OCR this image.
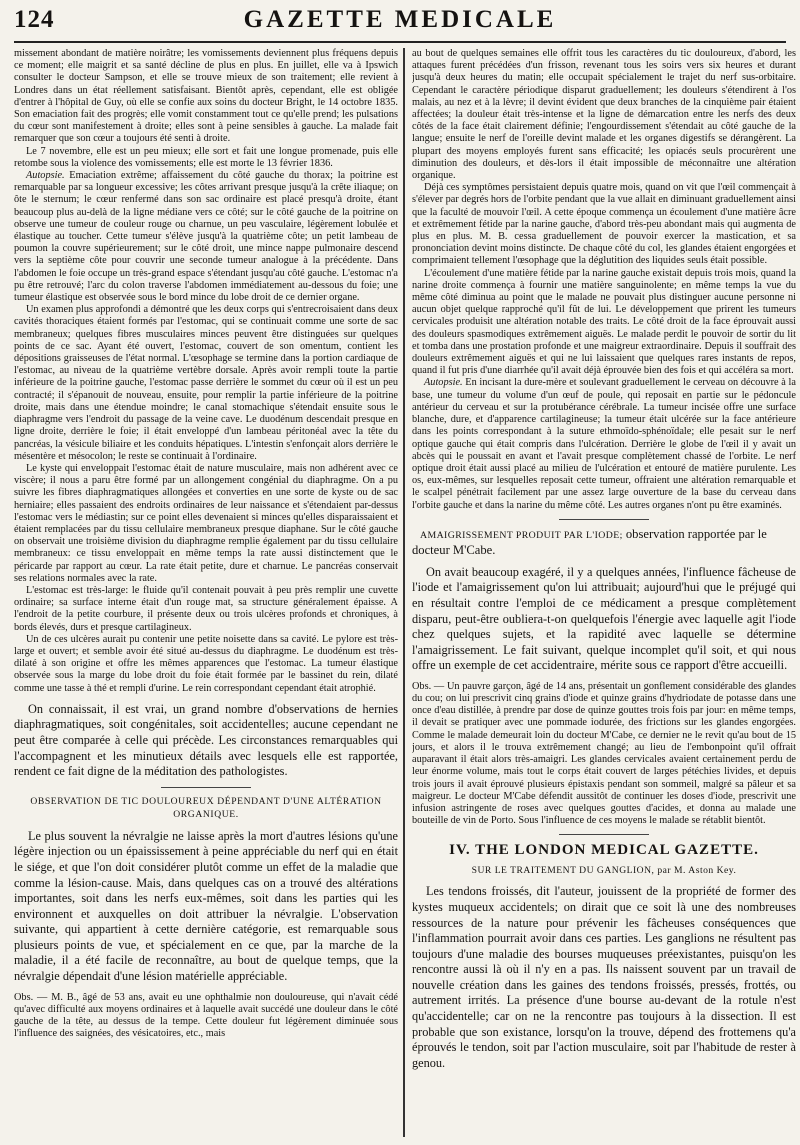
124	GAZETTE MEDICALE

missement abondant de matière noirâtre; les vomissements deviennent plus fréquens depuis ce moment; elle maigrit et sa santé décline de plus en plus. En juillet, elle va à Ipswich consulter le docteur Sampson, et elle se trouve mieux de son traitement; elle revient à Londres dans un état réellement satisfaisant. Bientôt après, cependant, elle est obligée d'entrer à l'hôpital de Guy, où elle se confie aux soins du docteur Bright, le 14 octobre 1835. Son emaciation fait des progrès; elle vomit constamment tout ce qu'elle prend; les pulsations du cœur sont manifestement à droite; elles sont à peine sensibles à gauche. La malade fait remarquer que son cœur a toujours été senti à droite.

Le 7 novembre, elle est un peu mieux; elle sort et fait une longue promenade, puis elle retombe sous la violence des vomissements; elle est morte le 13 février 1836.

Autopsie. Emaciation extrême; affaissement du côté gauche du thorax; la poitrine est remarquable par sa longueur excessive; les côtes arrivant presque jusqu'à la crête iliaque; on ôte le sternum; le cœur renfermé dans son sac ordinaire est placé presqu'à droite, étant beaucoup plus au-delà de la ligne médiane vers ce côté; sur le côté gauche de la poitrine on observe une tumeur de couleur rouge ou charnue, un peu vasculaire, légèrement lobulée et élastique au toucher. Cette tumeur s'élève jusqu'à la quatrième côte; un petit lambeau de poumon la couvre supérieurement; sur le côté droit, une mince nappe pulmonaire descend vers la septième côte pour couvrir une seconde tumeur analogue à la précédente. Dans l'abdomen le foie occupe un très-grand espace s'étendant jusqu'au côté gauche. L'estomac n'a pu être retrouvé; l'arc du colon traverse l'abdomen immédiatement au-dessous du foie; une tumeur élastique est observée sous le bord mince du lobe droit de ce dernier organe.

Un examen plus approfondi a démontré que les deux corps qui s'entrecroisaient dans deux cavités thoraciques étaient formés par l'estomac, qui se continuait comme une sorte de sac membraneux; quelques fibres musculaires minces peuvent être distinguées sur quelques points de ce sac. Ayant été ouvert, l'estomac, couvert de son omentum, contient les dépositions graisseuses de l'état normal. L'œsophage se termine dans la portion cardiaque de l'estomac, au niveau de la quatrième vertèbre dorsale. Après avoir rempli toute la partie inférieure de la poitrine gauche, l'estomac passe derrière le sommet du cœur où il est un peu contracté; il s'épanouit de nouveau, ensuite, pour remplir la partie inférieure de la poitrine droite, mais dans une étendue moindre; le canal stomachique s'étendait ensuite sous le diaphragme vers l'endroit du passage de la veine cave. Le duodénum descendait presque en ligne droite, derrière le foie; il était enveloppé d'un lambeau péritonéal avec la tête du pancréas, la vésicule biliaire et les conduits hépatiques. L'intestin s'enfonçait alors derrière le mésentère et mésocolon; le reste se continuait à l'ordinaire.

Le kyste qui enveloppait l'estomac était de nature musculaire, mais non adhérent avec ce viscère; il nous a paru être formé par un allongement congénial du diaphragme. On a pu suivre les fibres diaphragmatiques allongées et converties en une sorte de kyste ou de sac herniaire; elles passaient des endroits ordinaires de leur naissance et s'étendaient par-dessus l'estomac vers le médiastin; sur ce point elles devenaient si minces qu'elles disparaissaient et étaient remplacées par du tissu cellulaire membraneux presque diaphane. Sur le côté gauche on observait une troisième division du diaphragme remplie également par du tissu cellulaire membraneux: ce tissu enveloppait en même temps la rate aussi distinctement que le péricarde par rapport au cœur. La rate était petite, dure et charnue. Le pancréas conservait ses relations normales avec la rate.

L'estomac est très-large: le fluide qu'il contenait pouvait à peu près remplir une cuvette ordinaire; sa surface interne était d'un rouge mat, sa structure généralement épaisse. A l'endroit de la petite courbure, il présente deux ou trois ulcères profonds et chroniques, à bords élevés, durs et presque cartilagineux.

Un de ces ulcères aurait pu contenir une petite noisette dans sa cavité. Le pylore est très-large et ouvert; et semble avoir été situé au-dessus du diaphragme. Le duodénum est très-dilaté à son origine et offre les mêmes apparences que l'estomac. La tumeur élastique observée sous la marge du lobe droit du foie était formée par le bassinet du rein, dilaté comme une tasse à thé et rempli d'urine. Le rein correspondant cependant était atrophié.

On connaissait, il est vrai, un grand nombre d'observations de hernies diaphragmatiques, soit congénitales, soit accidentelles; aucune cependant ne peut être comparée à celle qui précède. Les circonstances remarquables qui l'accompagnent et les minutieux détails avec lesquels elle est rapportée, rendent ce fait digne de la méditation des pathologistes.

OBSERVATION DE TIC DOULOUREUX DÉPENDANT D'UNE ALTÉRATION ORGANIQUE.

Le plus souvent la névralgie ne laisse après la mort d'autres lésions qu'une légère injection ou un épaississement à peine appréciable du nerf qui en était le siége, et que l'on doit considérer plutôt comme un effet de la maladie que comme la lésion-cause. Mais, dans quelques cas on a trouvé des altérations importantes, soit dans les nerfs eux-mêmes, soit dans les parties qui les environnent et auxquelles on doit attribuer la névralgie. L'observation suivante, qui appartient à cette dernière catégorie, est remarquable sous plusieurs points de vue, et spécialement en ce que, par la marche de la maladie, il a été facile de reconnaître, au bout de quelque temps, que la névralgie dépendait d'une lésion matérielle appréciable.

Obs. — M. B., âgé de 53 ans, avait eu une ophthalmie non douloureuse, qui n'avait cédé qu'avec difficulté aux moyens ordinaires et à laquelle avait succédé une douleur dans le côté gauche de la tête, au dessus de la tempe. Cette douleur fut légèrement diminuée sous l'influence des saignées, des vésicatoires, etc., mais

au bout de quelques semaines elle offrit tous les caractères du tic douloureux, d'abord, les attaques furent précédées d'un frisson, revenant tous les soirs vers six heures et durant jusqu'à deux heures du matin; elle occupait spécialement le trajet du nerf sus-orbitaire. Cependant le caractère périodique disparut graduellement; les douleurs s'étendirent à l'os malais, au nez et à la lèvre; il devint évident que deux branches de la cinquième pair étaient affectées; la douleur était très-intense et la ligne de démarcation entre les nerfs des deux côtés de la face était clairement définie; l'engourdissement s'étendait au côté gauche de la langue; ensuite le nerf de l'oreille devint malade et les organes digestifs se dérangèrent. La plupart des moyens employés furent sans efficacité; les opiacés seuls procurèrent une diminution des douleurs, et dès-lors il était impossible de méconnaître une altération organique.

Déjà ces symptômes persistaient depuis quatre mois, quand on vit que l'œil commençait à s'élever par degrés hors de l'orbite pendant que la vue allait en diminuant graduellement ainsi que la faculté de mouvoir l'œil. A cette époque commença un écoulement d'une matière âcre et extrêmement fétide par la narine gauche, d'abord très-peu abondant mais qui augmenta de plus en plus. M. B. cessa graduellement de pouvoir exercer la mastication, et sa prononciation devint moins distincte. De chaque côté du col, les glandes étaient engorgées et comprimaient tellement l'œsophage que la déglutition des liquides seuls était possible.

L'écoulement d'une matière fétide par la narine gauche existait depuis trois mois, quand la narine droite commença à fournir une matière sanguinolente; en même temps la vue du même côté diminua au point que le malade ne pouvait plus distinguer aucune personne ni aucun objet quelque rapproché qu'il fût de lui. Le développement que prirent les tumeurs cervicales produisit une altération notable des traits. Le côté droit de la face éprouvait aussi des douleurs spasmodiques extrêmement aiguës. Le malade perdit le pouvoir de sortir du lit et tomba dans une prostation profonde et une maigreur extraordinaire. Depuis il souffrait des douleurs extrêmement aiguës et qui ne lui laissaient que quelques rares instants de repos, quand il fut pris d'une diarrhée qu'il avait déjà éprouvée bien des fois et qui accéléra sa mort.

Autopsie. En incisant la dure-mère et soulevant graduellement le cerveau on découvre à la base, une tumeur du volume d'un œuf de poule, qui reposait en partie sur le pédoncule antérieur du cerveau et sur la protubérance cérébrale. La tumeur incisée offre une surface blanche, dure, et d'apparence cartilagineuse; la tumeur était ulcérée sur la face antérieure dans les points correspondant à la suture ethmoïdo-sphénoïdale; elle pesait sur le nerf optique gauche qui était compris dans l'ulcération. Derrière le globe de l'œil il y avait un abcès qui le poussait en avant et l'avait presque complètement chassé de l'orbite. Le nerf optique droit était aussi placé au milieu de l'ulcération et entouré de matière purulente. Les os, eux-mêmes, sur lesquelles reposait cette tumeur, offraient une altération remarquable et le scalpel pénétrait facilement par une assez large ouverture de la base du cerveau dans l'orbite gauche et dans la narine du même côté. Les autres organes n'ont pu être examinés.

AMAIGRISSEMENT PRODUIT PAR L'IODE; observation rapportée par le docteur M'Cabe.

On avait beaucoup exagéré, il y a quelques années, l'influence fâcheuse de l'iode et l'amaigrissement qu'on lui attribuait; aujourd'hui que le préjugé qui en résultait contre l'emploi de ce médicament a presque complètement disparu, peut-être oubliera-t-on quelquefois l'énergie avec laquelle agit l'iode chez quelques sujets, et la rapidité avec laquelle se détermine l'amaigrissement. Le fait suivant, quelque incomplet qu'il soit, et qui nous offre un exemple de cet accidentraire, mérite sous ce rapport d'être accueilli.

Obs. — Un pauvre garçon, âgé de 14 ans, présentait un gonflement considérable des glandes du cou; on lui prescrivit cinq grains d'iode et quinze grains d'hydriodate de potasse dans une once d'eau distillée, à prendre par dose de quinze gouttes trois fois par jour: en même temps, il devait se pratiquer avec une pommade iodurée, des frictions sur les glandes engorgées. Comme le malade demeurait loin du docteur M'Cabe, ce dernier ne le revit qu'au bout de 15 jours, et alors il le trouva extrêmement changé; au lieu de l'embonpoint qu'il offrait auparavant il était alors très-amaigri. Les glandes cervicales avaient certainement perdu de leur énorme volume, mais tout le corps était couvert de larges pétéchies livides, et depuis trois jours il avait éprouvé plusieurs épistaxis pendant son sommeil, malgré sa pâleur et sa maigreur. Le docteur M'Cabe défendit aussitôt de continuer les doses d'iode, prescrivit une infusion astringente de roses avec quelques gouttes d'acides, et donna au malade une bouteille de vin de Porto. Sous l'influence de ces moyens le malade se rétablit bientôt.

IV. THE LONDON MEDICAL GAZETTE.
SUR LE TRAITEMENT DU GANGLION, par M. Aston Key.

Les tendons froissés, dit l'auteur, jouissent de la propriété de former des kystes muqueux accidentels; on dirait que ce soit là une des nombreuses ressources de la nature pour prévenir les fâcheuses conséquences que l'inflammation pourrait avoir dans ces parties. Les ganglions ne résultent pas toujours d'une maladie des bourses muqueuses préexistantes, puisqu'on les rencontre aussi là où il n'y en a pas. Ils naissent souvent par un travail de nouvelle création dans les gaines des tendons froissés, pressés, frottés, ou autrement irrités. La présence d'une bourse au-devant de la rotule n'est qu'accidentelle; car on ne la rencontre pas toujours à la dissection. Il est probable que son existance, lorsqu'on la trouve, dépend des frottemens qu'a éprouvés le tendon, soit par l'action musculaire, soit par l'habitude de rester à genou.
